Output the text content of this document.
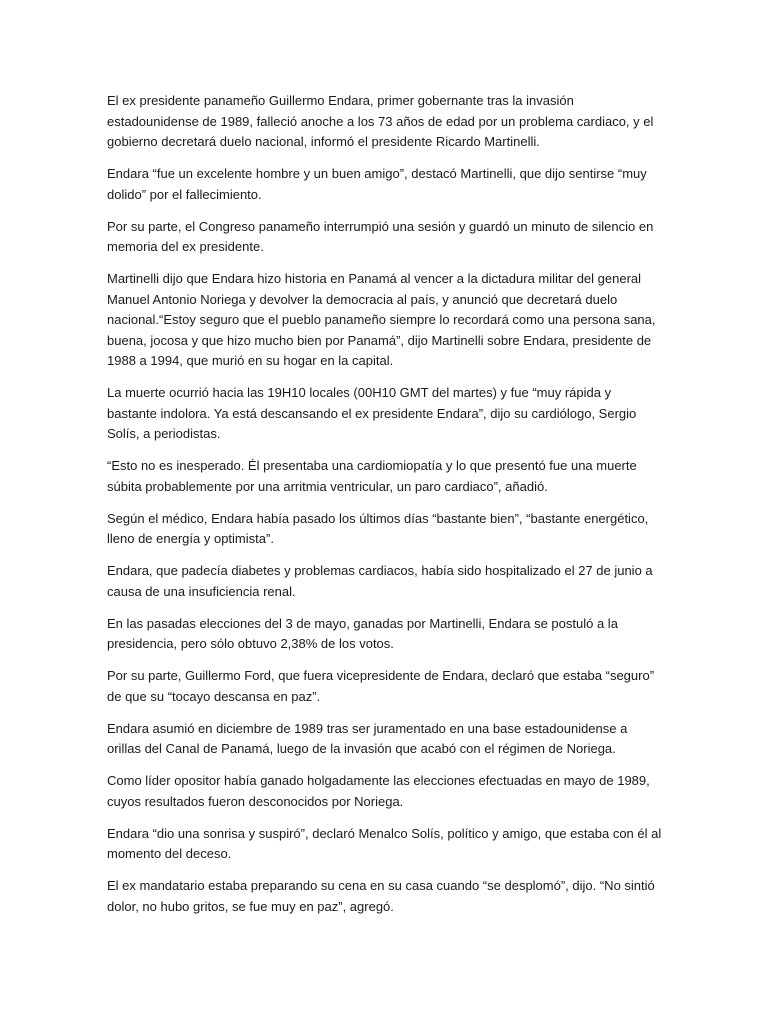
El ex presidente panameño Guillermo Endara, primer gobernante tras la invasión estadounidense de 1989, falleció anoche a los 73 años de edad por un problema cardiaco, y el gobierno decretará duelo nacional, informó el presidente Ricardo Martinelli.

Endara “fue un excelente hombre y un buen amigo”, destacó Martinelli, que dijo sentirse “muy dolido” por el fallecimiento.

Por su parte, el Congreso panameño interrumpió una sesión y guardó un minuto de silencio en memoria del ex presidente.

Martinelli dijo que Endara hizo historia en Panamá al vencer a la dictadura militar del general Manuel Antonio Noriega y devolver la democracia al país, y anunció que decretará duelo nacional.“Estoy seguro que el pueblo panameño siempre lo recordará como una persona sana, buena, jocosa y que hizo mucho bien por Panamá”, dijo Martinelli sobre Endara, presidente de 1988 a 1994, que murió en su hogar en la capital.

La muerte ocurrió hacia las 19H10 locales (00H10 GMT del martes) y fue “muy rápida y bastante indolora. Ya está descansando el ex presidente Endara”, dijo su cardiólogo, Sergio Solís, a periodistas.

“Esto no es inesperado. Él presentaba una cardiomiopatía y lo que presentó fue una muerte súbita probablemente por una arritmia ventricular, un paro cardiaco”, añadió.

Según el médico, Endara había pasado los últimos días “bastante bien”, “bastante energético, lleno de energía y optimista”.

Endara, que padecía diabetes y problemas cardiacos, había sido hospitalizado el 27 de junio a causa de una insuficiencia renal.

En las pasadas elecciones del 3 de mayo, ganadas por Martinelli, Endara se postuló a la presidencia, pero sólo obtuvo 2,38% de los votos.

Por su parte, Guillermo Ford, que fuera vicepresidente de Endara, declaró que estaba “seguro” de que su “tocayo descansa en paz”.

Endara asumió en diciembre de 1989 tras ser juramentado en una base estadounidense a orillas del Canal de Panamá, luego de la invasión que acabó con el régimen de Noriega.

Como líder opositor había ganado holgadamente las elecciones efectuadas en mayo de 1989, cuyos resultados fueron desconocidos por Noriega.

Endara “dio una sonrisa y suspiró”, declaró Menalco Solís, político y amigo, que estaba con él al momento del deceso.

El ex mandatario estaba preparando su cena en su casa cuando “se desplomó”, dijo. “No sintió dolor, no hubo gritos, se fue muy en paz”, agregó.
